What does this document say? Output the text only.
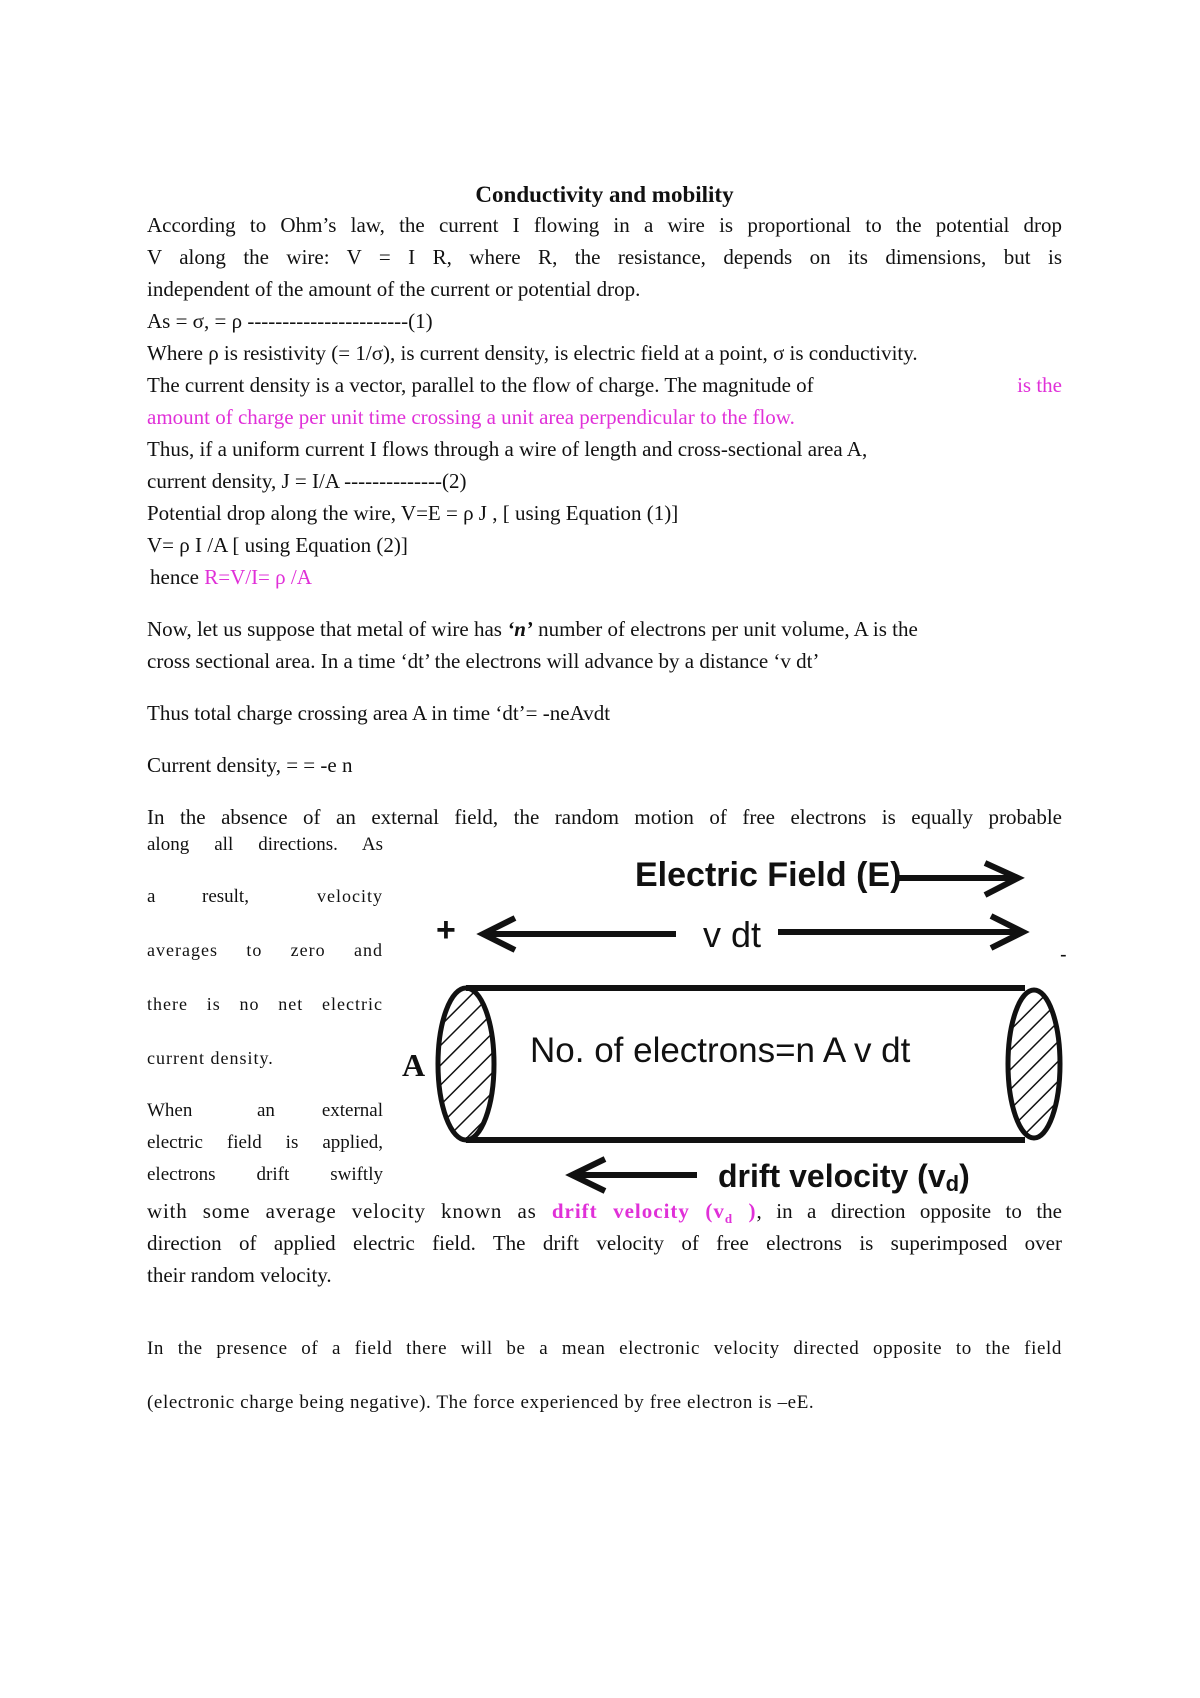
Conductivity and mobility
According to Ohm’s law, the current I flowing in a wire is proportional to the potential drop
V along the wire: V = I R, where R, the resistance, depends on its dimensions, but is
independent of the amount of the current or potential drop.
As = σ, = ρ -----------------------(1)
Where ρ is resistivity (= 1/σ), is current density, is electric field at a point, σ is conductivity.
The current density is a vector, parallel to the flow of charge. The magnitude of	is the
amount of charge per unit time crossing a unit area perpendicular to the flow.
Thus, if a uniform current I flows through a wire of length and cross-sectional area A,
current density, J = I/A --------------(2)
Potential drop along the wire, V=E = ρ J , [ using Equation (1)]
V= ρ I /A [ using Equation (2)]
hence R=V/I= ρ /A
Now, let us suppose that metal of wire has ‘n’ number of electrons per unit volume, A is the
cross sectional area. In a time ‘dt’ the electrons will advance by a distance ‘v dt’
Thus total charge crossing area A in time ‘dt’= -neAvdt
Current density, = = -e n
In the absence of an external field, the random motion of free electrons is equally probable
along all directions. As
a result,	velocity
averages to zero and
there is no net electric
current density.
When	an external
electric field is applied,
electrons drift swiftly
with some average velocity known as drift velocity ($v_d$ ), in a direction opposite to the
direction of applied electric field. The drift velocity of free electrons is superimposed over
their random velocity.
In the presence of a field there will be a mean electronic velocity directed opposite to the field
(electronic charge being negative). The force experienced by free electron is –eE.
Electric Field (E)
+
-
v dt
A	No. of electrons=n A v dt
drift velocity (vd)
